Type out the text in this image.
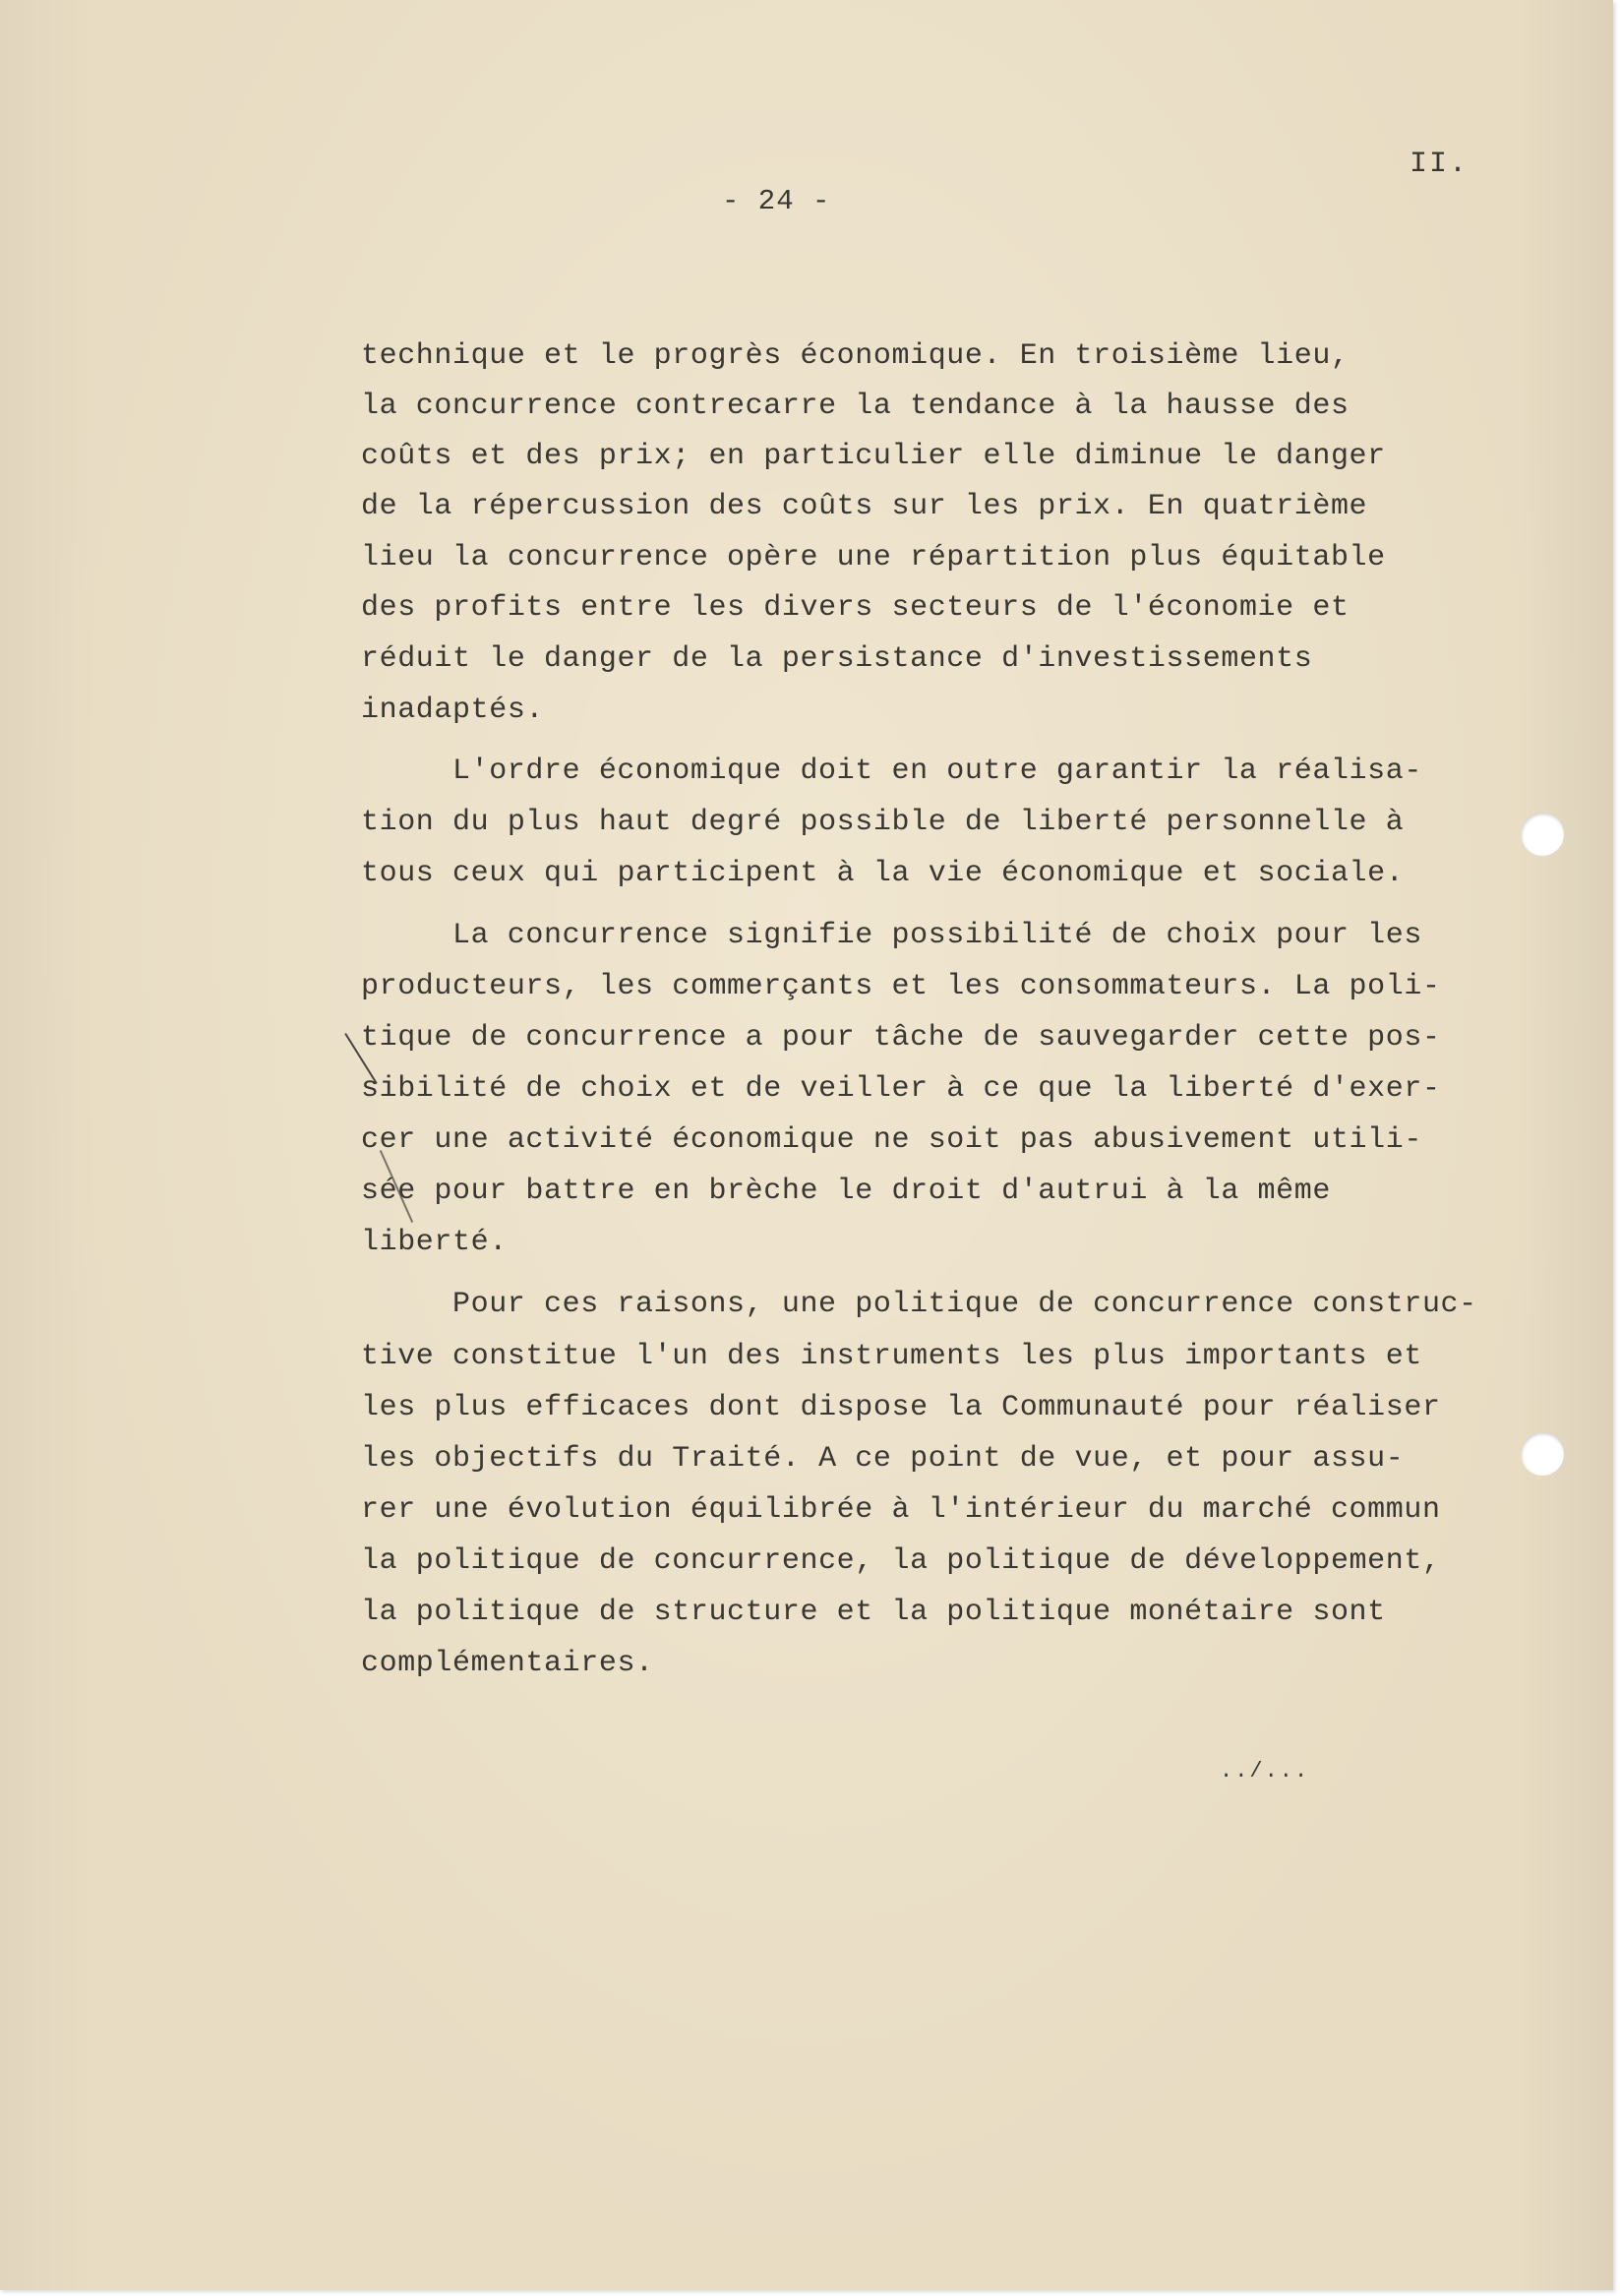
- 24 -
II.
technique et le progrès économique. En troisième lieu,
la concurrence contrecarre la tendance à la hausse des
coûts et des prix; en particulier elle diminue le danger
de la répercussion des coûts sur les prix. En quatrième
lieu la concurrence opère une répartition plus équitable
des profits entre les divers secteurs de l'économie et
réduit le danger de la persistance d'investissements
inadaptés.
L'ordre économique doit en outre garantir la réalisa-
tion du plus haut degré possible de liberté personnelle à
tous ceux qui participent à la vie économique et sociale.
La concurrence signifie possibilité de choix pour les
producteurs, les commerçants et les consommateurs. La poli-
tique de concurrence a pour tâche de sauvegarder cette pos-
sibilité de choix et de veiller à ce que la liberté d'exer-
cer une activité économique ne soit pas abusivement utili-
sée pour battre en brèche le droit d'autrui à la même
liberté.
Pour ces raisons, une politique de concurrence construc-
tive constitue l'un des instruments les plus importants et
les plus efficaces dont dispose la Communauté pour réaliser
les objectifs du Traité. A ce point de vue, et pour assu-
rer une évolution équilibrée à l'intérieur du marché commun
la politique de concurrence, la politique de développement,
la politique de structure et la politique monétaire sont
complémentaires.
../...
